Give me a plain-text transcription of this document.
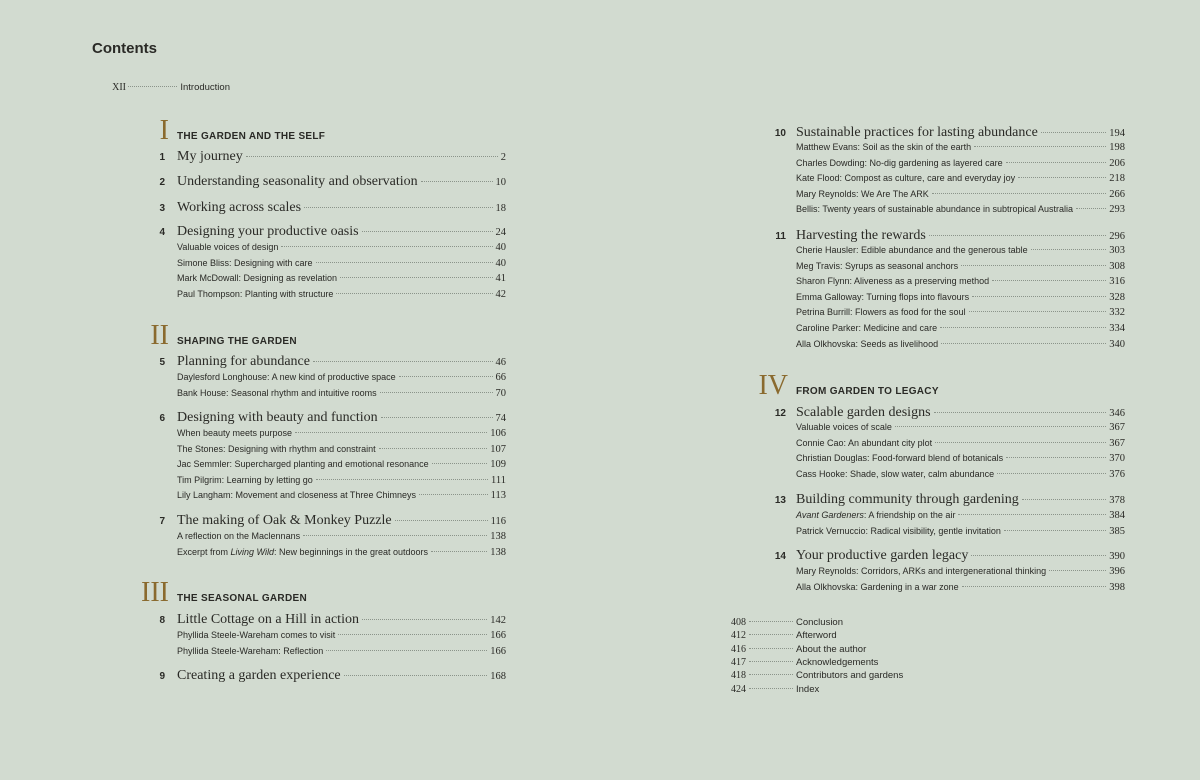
Contents
XII	Introduction
I THE GARDEN AND THE SELF
II SHAPING THE GARDEN
III THE SEASONAL GARDEN
IV FROM GARDEN TO LEGACY
1 My journey	2
2 Understanding seasonality and observation	10
3 Working across scales	18
4 Designing your productive oasis	24
Valuable voices of design	40
Simone Bliss: Designing with care	40
Mark McDowall: Designing as revelation	41
Paul Thompson: Planting with structure	42
5 Planning for abundance	46
Daylesford Longhouse: A new kind of productive space	66
Bank House: Seasonal rhythm and intuitive rooms	70
6 Designing with beauty and function	74
When beauty meets purpose	106
The Stones: Designing with rhythm and constraint	107
Jac Semmler: Supercharged planting and emotional resonance	109
Tim Pilgrim: Learning by letting go	111
Lily Langham: Movement and closeness at Three Chimneys	113
7 The making of Oak & Monkey Puzzle	116
A reflection on the Maclennans	138
Excerpt from Living Wild: New beginnings in the great outdoors	138
8 Little Cottage on a Hill in action	142
Phyllida Steele-Wareham comes to visit	166
Phyllida Steele-Wareham: Reflection	166
9 Creating a garden experience	168
10 Sustainable practices for lasting abundance	194
Matthew Evans: Soil as the skin of the earth	198
Charles Dowding: No-dig gardening as layered care	206
Kate Flood: Compost as culture, care and everyday joy	218
Mary Reynolds: We Are The ARK	266
Bellis: Twenty years of sustainable abundance in subtropical Australia	293
11 Harvesting the rewards	296
Cherie Hausler: Edible abundance and the generous table	303
Meg Travis: Syrups as seasonal anchors	308
Sharon Flynn: Aliveness as a preserving method	316
Emma Galloway: Turning flops into flavours	328
Petrina Burrill: Flowers as food for the soul	332
Caroline Parker: Medicine and care	334
Alla Olkhovska: Seeds as livelihood	340
12 Scalable garden designs	346
Valuable voices of scale	367
Connie Cao: An abundant city plot	367
Christian Douglas: Food-forward blend of botanicals	370
Cass Hooke: Shade, slow water, calm abundance	376
13 Building community through gardening	378
Avant Gardeners: A friendship on the air	384
Patrick Vernuccio: Radical visibility, gentle invitation	385
14 Your productive garden legacy	390
Mary Reynolds: Corridors, ARKs and intergenerational thinking	396
Alla Olkhovska: Gardening in a war zone	398
408	Conclusion
412	Afterword
416	About the author
417	Acknowledgements
418	Contributors and gardens
424	Index
